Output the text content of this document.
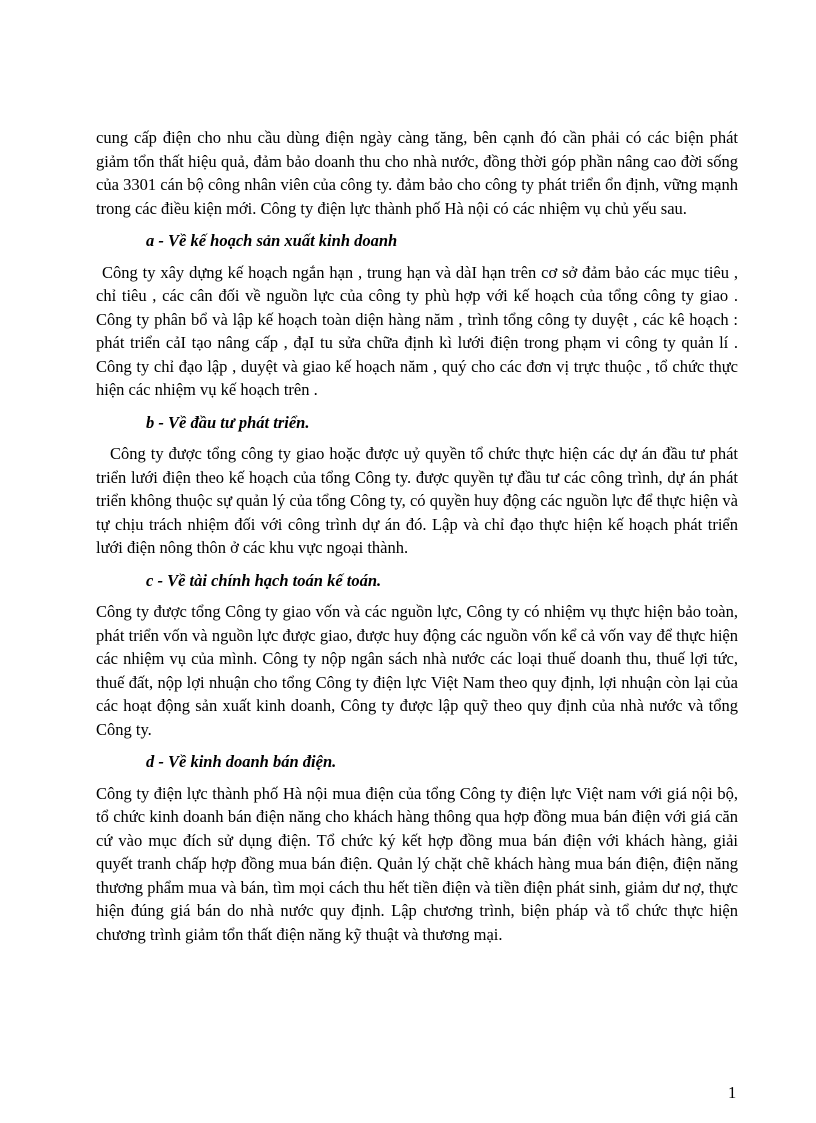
cung cấp điện cho nhu cầu dùng điện ngày càng tăng, bên cạnh đó cần phải có các biện phát giảm tổn thất hiệu quả, đảm bảo doanh thu cho nhà nước, đồng thời góp phần nâng cao đời sống của 3301 cán bộ công nhân viên của công ty. đảm bảo cho công ty phát triển ổn định, vững mạnh trong các điều kiện mới. Công ty điện lực thành phố Hà nội có các nhiệm vụ chủ yếu sau.

a - Về kế hoạch sản xuất kinh doanh

Công ty xây dựng kế hoạch ngắn hạn , trung hạn và dàI hạn trên cơ sở đảm bảo các mục tiêu , chỉ tiêu , các cân đối về nguồn lực của công ty phù hợp với kế hoạch của tổng công ty giao . Công ty phân bổ và lập kế hoạch toàn diện hàng năm , trình tổng công ty duyệt , các kê hoạch : phát triển cảI tạo nâng cấp , đạI tu sửa chữa định kì lưới điện trong phạm vi công ty quản lí . Công ty chỉ đạo lập , duyệt và giao kế hoạch năm , quý cho các đơn vị trực thuộc , tổ chức thực hiện các nhiệm vụ kế hoạch trên .

b - Về đầu tư phát triển.

Công ty được tổng công ty giao hoặc được uỷ quyền tổ chức thực hiện các dự án đầu tư phát triển lưới điện theo kế hoạch của tổng Công ty. được quyền tự đầu tư các công trình, dự án phát triển không thuộc sự quản lý của tổng Công ty, có quyền huy động các nguồn lực để thực hiện và tự chịu trách nhiệm đối với công trình dự án đó. Lập và chỉ đạo thực hiện kế hoạch phát triển lưới điện nông thôn ở các khu vực ngoại thành.

c - Về tài chính hạch toán kế toán.

Công ty được tổng Công ty giao vốn và các nguồn lực, Công ty có nhiệm vụ thực hiện bảo toàn, phát triển vốn và nguồn lực được giao, được huy động các nguồn vốn kể cả vốn vay để thực hiện các nhiệm vụ của mình. Công ty nộp ngân sách nhà nước các loại thuế doanh thu, thuế lợi tức, thuế đất, nộp lợi nhuận cho tổng Công ty điện lực Việt Nam theo quy định, lợi nhuận còn lại của các hoạt động sản xuất kinh doanh, Công ty được lập quỹ theo quy định của nhà nước và tổng Công ty.

d - Về kinh doanh bán điện.

Công ty điện lực thành phố Hà nội mua điện của tổng Công ty điện lực Việt nam với giá nội bộ, tổ chức kinh doanh bán điện năng cho khách hàng thông qua hợp đồng mua bán điện với giá căn cứ vào mục đích sử dụng điện. Tổ chức ký kết hợp đồng mua bán điện với khách hàng, giải quyết tranh chấp hợp đồng mua bán điện. Quản lý chặt chẽ khách hàng mua bán điện, điện năng thương phẩm mua và bán, tìm mọi cách thu hết tiền điện và tiền điện phát sinh, giảm dư nợ, thực hiện đúng giá bán do nhà nước quy định. Lập chương trình, biện pháp và tổ chức thực hiện chương trình giảm tổn thất điện năng kỹ thuật và thương mại.

1
